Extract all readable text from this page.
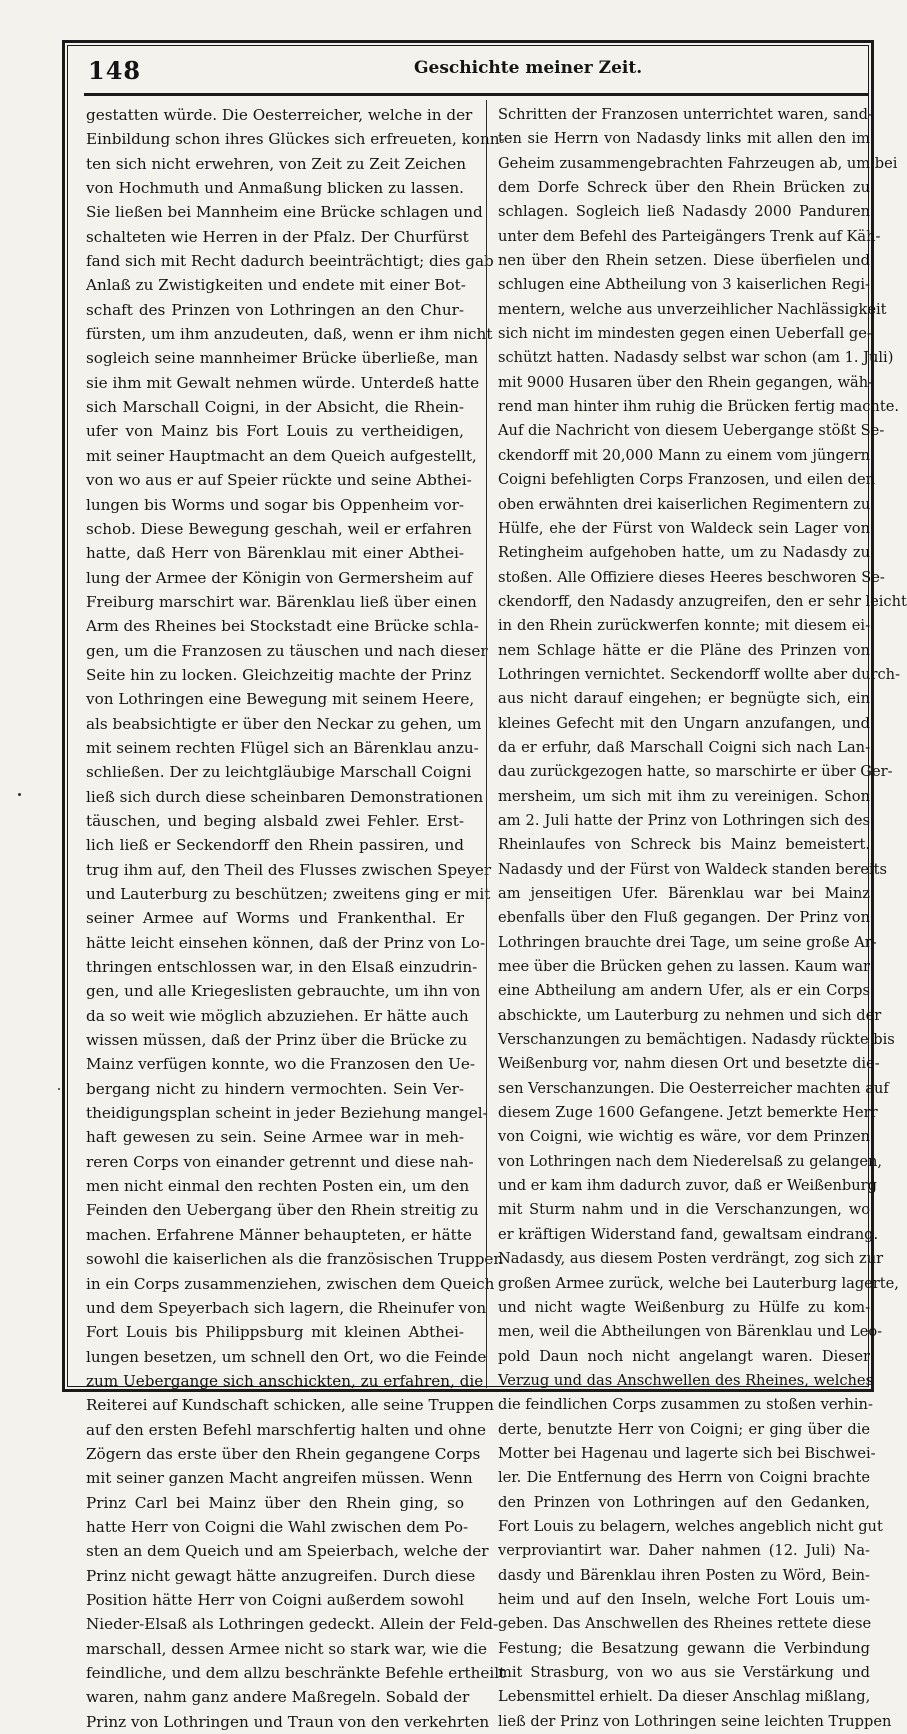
148	Geschichte meiner Zeit.
gestatten würde. Die Oesterreicher, welche in der
Einbildung schon ihres Glückes sich erfreueten, konn-
ten sich nicht erwehren, von Zeit zu Zeit Zeichen
von Hochmuth und Anmaßung blicken zu lassen.
Sie ließen bei Mannheim eine Brücke schlagen und
schalteten wie Herren in der Pfalz. Der Churfürst
fand sich mit Recht dadurch beeinträchtigt; dies gab
Anlaß zu Zwistigkeiten und endete mit einer Bot-
schaft des Prinzen von Lothringen an den Chur-
fürsten, um ihm anzudeuten, daß, wenn er ihm nicht
sogleich seine mannheimer Brücke überließe, man
sie ihm mit Gewalt nehmen würde. Unterdeß hatte
sich Marschall Coigni, in der Absicht, die Rhein-
ufer von Mainz bis Fort Louis zu vertheidigen,
mit seiner Hauptmacht an dem Queich aufgestellt,
von wo aus er auf Speier rückte und seine Abthei-
lungen bis Worms und sogar bis Oppenheim vor-
schob. Diese Bewegung geschah, weil er erfahren
hatte, daß Herr von Bärenklau mit einer Abthei-
lung der Armee der Königin von Germersheim auf
Freiburg marschirt war. Bärenklau ließ über einen
Arm des Rheines bei Stockstadt eine Brücke schla-
gen, um die Franzosen zu täuschen und nach dieser
Seite hin zu locken. Gleichzeitig machte der Prinz
von Lothringen eine Bewegung mit seinem Heere,
als beabsichtigte er über den Neckar zu gehen, um
mit seinem rechten Flügel sich an Bärenklau anzu-
schließen. Der zu leichtgläubige Marschall Coigni
ließ sich durch diese scheinbaren Demonstrationen
täuschen, und beging alsbald zwei Fehler. Erst-
lich ließ er Seckendorff den Rhein passiren, und
trug ihm auf, den Theil des Flusses zwischen Speyer
und Lauterburg zu beschützen; zweitens ging er mit
seiner Armee auf Worms und Frankenthal. Er
hätte leicht einsehen können, daß der Prinz von Lo-
thringen entschlossen war, in den Elsaß einzudrin-
gen, und alle Kriegeslisten gebrauchte, um ihn von
da so weit wie möglich abzuziehen. Er hätte auch
wissen müssen, daß der Prinz über die Brücke zu
Mainz verfügen konnte, wo die Franzosen den Ue-
bergang nicht zu hindern vermochten. Sein Ver-
theidigungsplan scheint in jeder Beziehung mangel-
haft gewesen zu sein. Seine Armee war in meh-
reren Corps von einander getrennt und diese nah-
men nicht einmal den rechten Posten ein, um den
Feinden den Uebergang über den Rhein streitig zu
machen. Erfahrene Männer behaupteten, er hätte
sowohl die kaiserlichen als die französischen Truppen
in ein Corps zusammenziehen, zwischen dem Queich
und dem Speyerbach sich lagern, die Rheinufer von
Fort Louis bis Philippsburg mit kleinen Abthei-
lungen besetzen, um schnell den Ort, wo die Feinde
zum Uebergange sich anschickten, zu erfahren, die
Reiterei auf Kundschaft schicken, alle seine Truppen
auf den ersten Befehl marschfertig halten und ohne
Zögern das erste über den Rhein gegangene Corps
mit seiner ganzen Macht angreifen müssen. Wenn
Prinz Carl bei Mainz über den Rhein ging, so
hatte Herr von Coigni die Wahl zwischen dem Po-
sten an dem Queich und am Speierbach, welche der
Prinz nicht gewagt hätte anzugreifen. Durch diese
Position hätte Herr von Coigni außerdem sowohl
Nieder-Elsaß als Lothringen gedeckt. Allein der Feld-
marschall, dessen Armee nicht so stark war, wie die
feindliche, und dem allzu beschränkte Befehle ertheilt
waren, nahm ganz andere Maßregeln. Sobald der
Prinz von Lothringen und Traun von den verkehrten
Schritten der Franzosen unterrichtet waren, sand-
ten sie Herrn von Nadasdy links mit allen den im
Geheim zusammengebrachten Fahrzeugen ab, um bei
dem Dorfe Schreck über den Rhein Brücken zu
schlagen. Sogleich ließ Nadasdy 2000 Panduren
unter dem Befehl des Parteigängers Trenk auf Käh-
nen über den Rhein setzen. Diese überfielen und
schlugen eine Abtheilung von 3 kaiserlichen Regi-
mentern, welche aus unverzeihlicher Nachlässigkeit
sich nicht im mindesten gegen einen Ueberfall ge-
schützt hatten. Nadasdy selbst war schon (am 1. Juli)
mit 9000 Husaren über den Rhein gegangen, wäh-
rend man hinter ihm ruhig die Brücken fertig machte.
Auf die Nachricht von diesem Uebergange stößt Se-
ckendorff mit 20,000 Mann zu einem vom jüngern
Coigni befehligten Corps Franzosen, und eilen den
oben erwähnten drei kaiserlichen Regimentern zu
Hülfe, ehe der Fürst von Waldeck sein Lager von
Retingheim aufgehoben hatte, um zu Nadasdy zu
stoßen. Alle Offiziere dieses Heeres beschworen Se-
ckendorff, den Nadasdy anzugreifen, den er sehr leicht
in den Rhein zurückwerfen konnte; mit diesem ei-
nem Schlage hätte er die Pläne des Prinzen von
Lothringen vernichtet. Seckendorff wollte aber durch-
aus nicht darauf eingehen; er begnügte sich, ein
kleines Gefecht mit den Ungarn anzufangen, und
da er erfuhr, daß Marschall Coigni sich nach Lan-
dau zurückgezogen hatte, so marschirte er über Ger-
mersheim, um sich mit ihm zu vereinigen. Schon
am 2. Juli hatte der Prinz von Lothringen sich des
Rheinlaufes von Schreck bis Mainz bemeistert.
Nadasdy und der Fürst von Waldeck standen bereits
am jenseitigen Ufer. Bärenklau war bei Mainz
ebenfalls über den Fluß gegangen. Der Prinz von
Lothringen brauchte drei Tage, um seine große Ar-
mee über die Brücken gehen zu lassen. Kaum war
eine Abtheilung am andern Ufer, als er ein Corps
abschickte, um Lauterburg zu nehmen und sich der
Verschanzungen zu bemächtigen. Nadasdy rückte bis
Weißenburg vor, nahm diesen Ort und besetzte die-
sen Verschanzungen. Die Oesterreicher machten auf
diesem Zuge 1600 Gefangene. Jetzt bemerkte Herr
von Coigni, wie wichtig es wäre, vor dem Prinzen
von Lothringen nach dem Niederelsaß zu gelangen,
und er kam ihm dadurch zuvor, daß er Weißenburg
mit Sturm nahm und in die Verschanzungen, wo
er kräftigen Widerstand fand, gewaltsam eindrang.
Nadasdy, aus diesem Posten verdrängt, zog sich zur
großen Armee zurück, welche bei Lauterburg lagerte,
und nicht wagte Weißenburg zu Hülfe zu kom-
men, weil die Abtheilungen von Bärenklau und Leo-
pold Daun noch nicht angelangt waren. Dieser
Verzug und das Anschwellen des Rheines, welches
die feindlichen Corps zusammen zu stoßen verhin-
derte, benutzte Herr von Coigni; er ging über die
Motter bei Hagenau und lagerte sich bei Bischwei-
ler. Die Entfernung des Herrn von Coigni brachte
den Prinzen von Lothringen auf den Gedanken,
Fort Louis zu belagern, welches angeblich nicht gut
verproviantirt war. Daher nahmen (12. Juli) Na-
dasdy und Bärenklau ihren Posten zu Wörd, Bein-
heim und auf den Inseln, welche Fort Louis um-
geben. Das Anschwellen des Rheines rettete diese
Festung; die Besatzung gewann die Verbindung
mit Strasburg, von wo aus sie Verstärkung und
Lebensmittel erhielt. Da dieser Anschlag mißlang,
ließ der Prinz von Lothringen seine leichten Truppen
